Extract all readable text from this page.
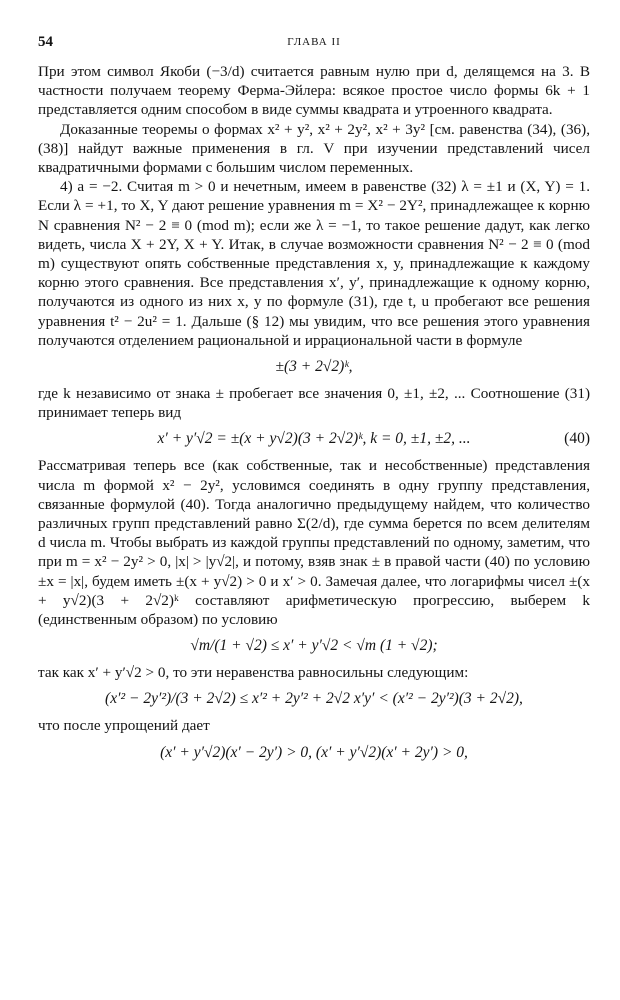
54	ГЛАВА II

При этом символ Якоби (−3/d) считается равным нулю при d, делящемся на 3. В частности получаем теорему Ферма-Эйлера: всякое простое число формы 6k + 1 представляется одним способом в виде суммы квадрата и утроенного квадрата.

Доказанные теоремы о формах x² + y², x² + 2y², x² + 3y² [см. равенства (34), (36), (38)] найдут важные применения в гл. V при изучении представлений чисел квадратичными формами с большим числом переменных.

4) a = −2. Считая m > 0 и нечетным, имеем в равенстве (32) λ = ±1 и (X, Y) = 1. Если λ = +1, то X, Y дают решение уравнения m = X² − 2Y², принадлежащее к корню N сравнения N² − 2 ≡ 0 (mod m); если же λ = −1, то такое решение дадут, как легко видеть, числа X + 2Y, X + Y. Итак, в случае возможности сравнения N² − 2 ≡ 0 (mod m) существуют опять собственные представления x, y, принадлежащие к каждому корню этого сравнения. Все представления x′, y′, принадлежащие к одному корню, получаются из одного из них x, y по формуле (31), где t, u пробегают все решения уравнения t² − 2u² = 1. Дальше (§ 12) мы увидим, что все решения этого уравнения получаются отделением рациональной и иррациональной части в формуле

±(3 + 2√2)ᵏ,

где k независимо от знака ± пробегает все значения 0, ±1, ±2, ... Соотношение (31) принимает теперь вид

x′ + y′√2 = ±(x + y√2)(3 + 2√2)ᵏ, k = 0, ±1, ±2, ...	(40)

Рассматривая теперь все (как собственные, так и несобственные) представления числа m формой x² − 2y², условимся соединять в одну группу представления, связанные формулой (40). Тогда аналогично предыдущему найдем, что количество различных групп представлений равно Σ(2/d), где сумма берется по всем делителям d числа m. Чтобы выбрать из каждой группы представлений по одному, заметим, что при m = x² − 2y² > 0, |x| > |y√2|, и потому, взяв знак ± в правой части (40) по условию ±x = |x|, будем иметь ±(x + y√2) > 0 и x′ > 0. Замечая далее, что логарифмы чисел ±(x + y√2)(3 + 2√2)ᵏ составляют арифметическую прогрессию, выберем k (единственным образом) по условию

√m/(1 + √2) ≤ x′ + y′√2 < √m (1 + √2);

так как x′ + y′√2 > 0, то эти неравенства равносильны следующим:

(x′² − 2y′²)/(3 + 2√2) ≤ x′² + 2y′² + 2√2 x′y′ < (x′² − 2y′²)(3 + 2√2),

что после упрощений дает

(x′ + y′√2)(x′ − 2y′) > 0, (x′ + y′√2)(x′ + 2y′) > 0,
